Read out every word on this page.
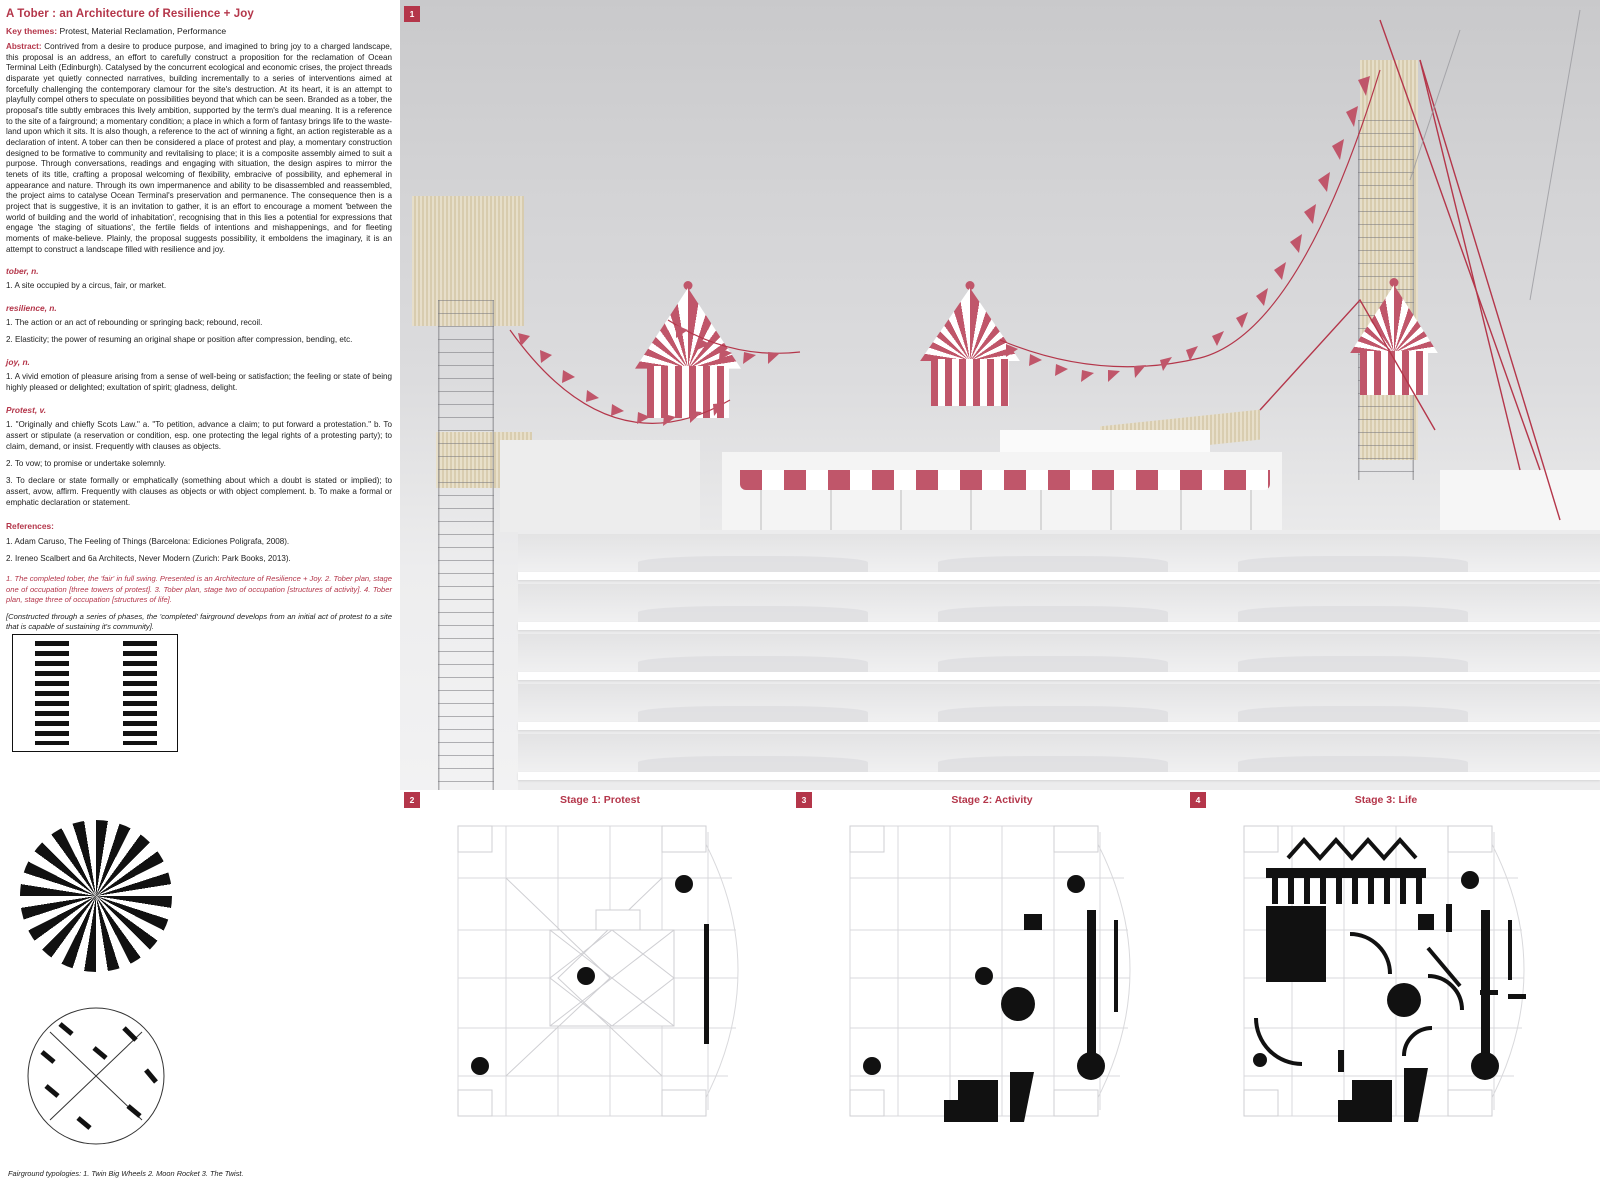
A Tober : an Architecture of Resilience + Joy
Key themes: Protest, Material Reclamation, Performance
Abstract: Contrived from a desire to produce purpose, and imagined to bring joy to a charged landscape, this proposal is an address, an effort to carefully construct a proposition for the reclamation of Ocean Terminal Leith (Edinburgh). Catalysed by the concurrent ecological and economic crises, the project threads disparate yet quietly connected narratives, building incrementally to a series of interventions aimed at forcefully challenging the contemporary clamour for the site's destruction. At its heart, it is an attempt to playfully compel others to speculate on possibilities beyond that which can be seen. Branded as a tober, the proposal's title subtly embraces this lively ambition, supported by the term's dual meaning. It is a reference to the site of a fairground; a momentary condition; a place in which a form of fantasy brings life to the waste-land upon which it sits. It is also though, a reference to the act of winning a fight, an action registerable as a declaration of intent. A tober can then be considered a place of protest and play, a momentary construction designed to be formative to community and revitalising to place; it is a composite assembly aimed to suit a purpose. Through conversations, readings and engaging with situation, the design aspires to mirror the tenets of its title, crafting a proposal welcoming of flexibility, embracive of possibility, and ephemeral in appearance and nature. Through its own impermanence and ability to be disassembled and reassembled, the project aims to catalyse Ocean Terminal's preservation and permanence. The consequence then is a project that is suggestive, it is an invitation to gather, it is an effort to encourage a moment 'between the world of building and the world of inhabitation', recognising that in this lies a potential for expressions that engage 'the staging of situations', the fertile fields of intentions and mishappenings, and for fleeting moments of make-believe. Plainly, the proposal suggests possibility, it emboldens the imaginary, it is an attempt to construct a landscape filled with resilience and joy.
tober, n.
1. A site occupied by a circus, fair, or market.
resilience, n.
1. The action or an act of rebounding or springing back; rebound, recoil.
2. Elasticity; the power of resuming an original shape or position after compression, bending, etc.
joy, n.
1. A vivid emotion of pleasure arising from a sense of well-being or satisfaction; the feeling or state of being highly pleased or delighted; exultation of spirit; gladness, delight.
Protest, v.
1. "Originally and chiefly Scots Law." a. "To petition, advance a claim; to put forward a protestation." b. To assert or stipulate (a reservation or condition, esp. one protecting the legal rights of a protesting party); to claim, demand, or insist. Frequently with clauses as objects.
2. To vow; to promise or undertake solemnly.
3. To declare or state formally or emphatically (something about which a doubt is stated or implied); to assert, avow, affirm. Frequently with clauses as objects or with object complement. b. To make a formal or emphatic declaration or statement.
References:
1. Adam Caruso, The Feeling of Things (Barcelona: Ediciones Poligrafa, 2008).
2. Ireneo Scalbert and 6a Architects, Never Modern (Zurich: Park Books, 2013).
1. The completed tober, the 'fair' in full swing. Presented is an Architecture of Resilience + Joy. 2. Tober plan, stage one of occupation [three towers of protest]. 3. Tober plan, stage two of occupation [structures of activity]. 4. Tober plan, stage three of occupation [structures of life].
[Constructed through a series of phases, the 'completed' fairground develops from an initial act of protest to a site that is capable of sustaining it's community].
Fairground typologies: 1. Twin Big Wheels 2. Moon Rocket 3. The Twist.
1
2	Stage 1: Protest	3	Stage 2: Activity	4	Stage 3: Life
